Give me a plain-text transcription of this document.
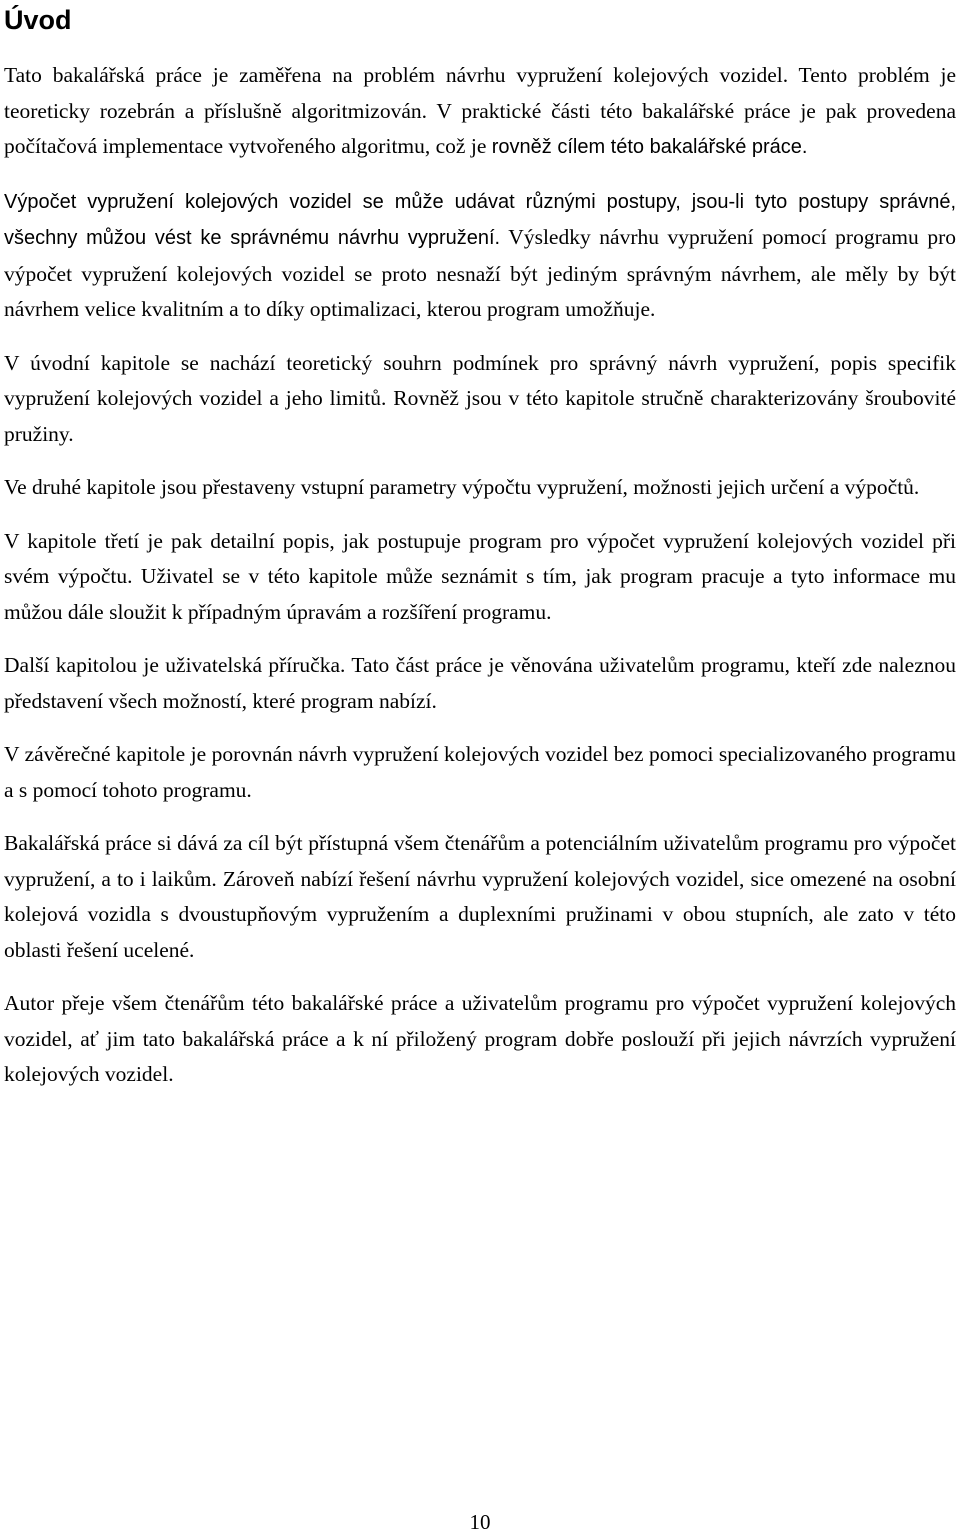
Úvod

Tato bakalářská práce je zaměřena na problém návrhu vypružení kolejových vozidel. Tento problém je teoreticky rozebrán a příslušně algoritmizován. V praktické části této bakalářské práce je pak provedena počítačová implementace vytvořeného algoritmu, což je rovněž cílem této bakalářské práce.

Výpočet vypružení kolejových vozidel se může udávat různými postupy, jsou-li tyto postupy správné, všechny můžou vést ke správnému návrhu vypružení. Výsledky návrhu vypružení pomocí programu pro výpočet vypružení kolejových vozidel se proto nesnaží být jediným správným návrhem, ale měly by být návrhem velice kvalitním a to díky optimalizaci, kterou program umožňuje.

V úvodní kapitole se nachází teoretický souhrn podmínek pro správný návrh vypružení, popis specifik vypružení kolejových vozidel a jeho limitů. Rovněž jsou v této kapitole stručně charakterizovány šroubovité pružiny.

Ve druhé kapitole jsou přestaveny vstupní parametry výpočtu vypružení, možnosti jejich určení a výpočtů.

V kapitole třetí je pak detailní popis, jak postupuje program pro výpočet vypružení kolejových vozidel při svém výpočtu. Uživatel se v této kapitole může seznámit s tím, jak program pracuje a tyto informace mu můžou dále sloužit k případným úpravám a rozšíření programu.

Další kapitolou je uživatelská příručka. Tato část práce je věnována uživatelům programu, kteří zde naleznou představení všech možností, které program nabízí.

V závěrečné kapitole je porovnán návrh vypružení kolejových vozidel bez pomoci specializovaného programu a s pomocí tohoto programu.

Bakalářská práce si dává za cíl být přístupná všem čtenářům a potenciálním uživatelům programu pro výpočet vypružení, a to i laikům. Zároveň nabízí řešení návrhu vypružení kolejových vozidel, sice omezené na osobní kolejová vozidla s dvoustupňovým vypružením a duplexními pružinami v obou stupních, ale zato v této oblasti řešení ucelené.

Autor přeje všem čtenářům této bakalářské práce a uživatelům programu pro výpočet vypružení kolejových vozidel, ať jim tato bakalářská práce a k ní přiložený program dobře poslouží při jejich návrzích vypružení kolejových vozidel.

10
